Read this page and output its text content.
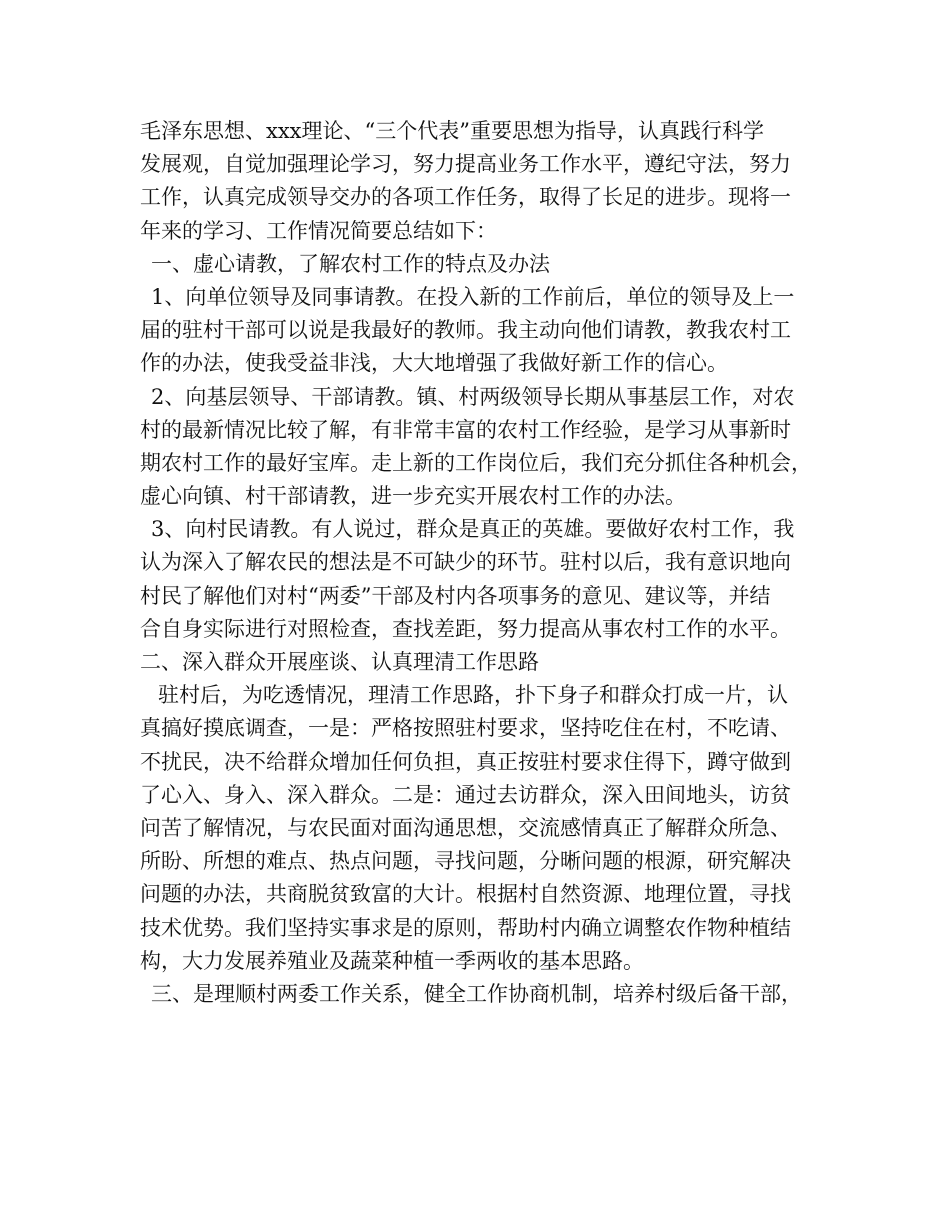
毛泽东思想、xxx理论、“三个代表”重要思想为指导，认真践行科学
发展观，自觉加强理论学习，努力提高业务工作水平，遵纪守法，努力
工作，认真完成领导交办的各项工作任务，取得了长足的进步。现将一
年来的学习、工作情况简要总结如下：
一、虚心请教，了解农村工作的特点及办法
1、向单位领导及同事请教。在投入新的工作前后，单位的领导及上一
届的驻村干部可以说是我最好的教师。我主动向他们请教，教我农村工
作的办法，使我受益非浅，大大地增强了我做好新工作的信心。
2、向基层领导、干部请教。镇、村两级领导长期从事基层工作，对农
村的最新情况比较了解，有非常丰富的农村工作经验，是学习从事新时
期农村工作的最好宝库。走上新的工作岗位后，我们充分抓住各种机会，
虚心向镇、村干部请教，进一步充实开展农村工作的办法。
3、向村民请教。有人说过，群众是真正的英雄。要做好农村工作，我
认为深入了解农民的想法是不可缺少的环节。驻村以后，我有意识地向
村民了解他们对村“两委”干部及村内各项事务的意见、建议等，并结
合自身实际进行对照检查，查找差距，努力提高从事农村工作的水平。
二、深入群众开展座谈、认真理清工作思路
驻村后，为吃透情况，理清工作思路，扑下身子和群众打成一片，认
真搞好摸底调查，一是：严格按照驻村要求，坚持吃住在村，不吃请、
不扰民，决不给群众增加任何负担，真正按驻村要求住得下，蹲守做到
了心入、身入、深入群众。二是：通过去访群众，深入田间地头，访贫
问苦了解情况，与农民面对面沟通思想，交流感情真正了解群众所急、
所盼、所想的难点、热点问题，寻找问题，分晰问题的根源，研究解决
问题的办法，共商脱贫致富的大计。根据村自然资源、地理位置，寻找
技术优势。我们坚持实事求是的原则，帮助村内确立调整农作物种植结
构，大力发展养殖业及蔬菜种植一季两收的基本思路。
三、是理顺村两委工作关系，健全工作协商机制，培养村级后备干部，
